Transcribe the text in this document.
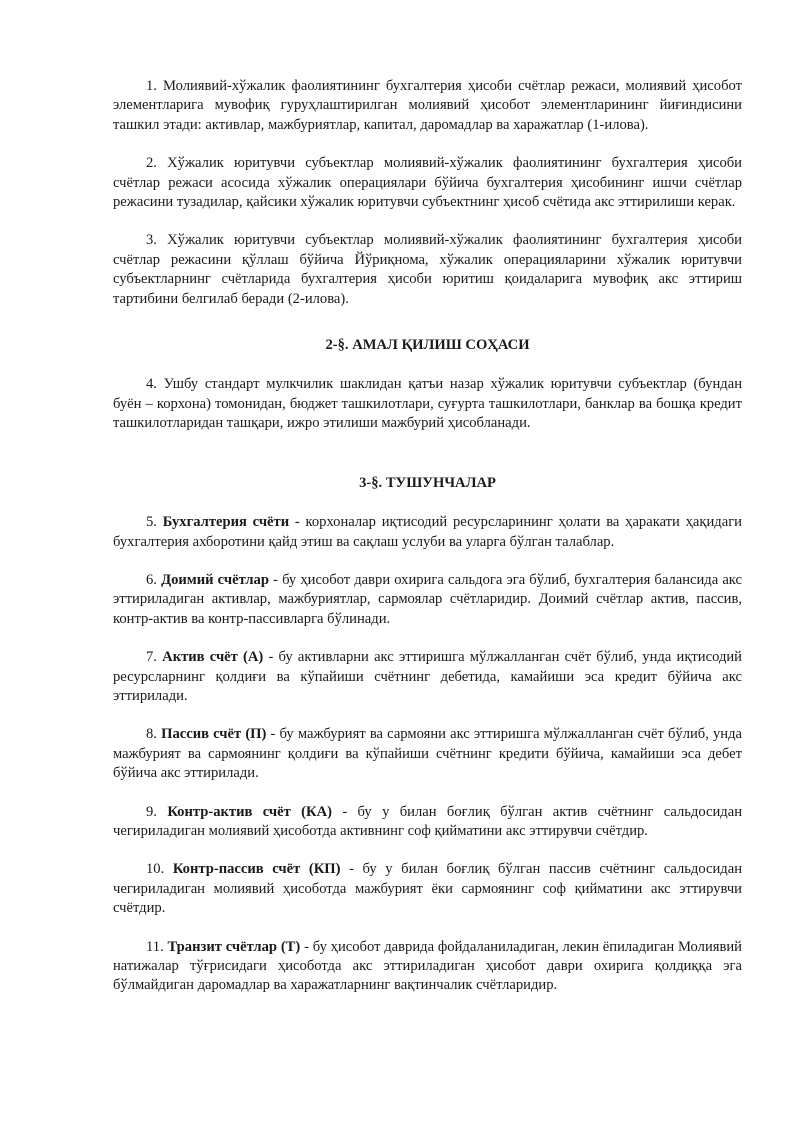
1. Молиявий-хўжалик фаолиятининг бухгалтерия ҳисоби счётлар режаси, молиявий ҳисобот элементларига мувофиқ гуруҳлаштирилган молиявий ҳисобот элементларининг йиғиндисини ташкил этади: активлар, мажбуриятлар, капитал, даромадлар ва харажатлар (1-илова).

2. Хўжалик юритувчи субъектлар молиявий-хўжалик фаолиятининг бухгалтерия ҳисоби счётлар режаси асосида хўжалик операциялари бўйича бухгалтерия ҳисобининг ишчи счётлар режасини тузадилар, қайсики хўжалик юритувчи субъектнинг ҳисоб счётида акс эттирилиши керак.

3. Хўжалик юритувчи субъектлар молиявий-хўжалик фаолиятининг бухгалтерия ҳисоби счётлар режасини қўллаш бўйича Йўриқнома, хўжалик операцияларини хўжалик юритувчи субъектларнинг счётларида бухгалтерия ҳисоби юритиш қоидаларига мувофиқ акс эттириш тартибини белгилаб беради (2-илова).

2-§. АМАЛ ҚИЛИШ СОҲАСИ

4. Ушбу стандарт мулкчилик шаклидан қатъи назар хўжалик юритувчи субъектлар (бундан буён – корхона) томонидан, бюджет ташкилотлари, суғурта ташкилотлари, банклар ва бошқа кредит ташкилотларидан ташқари, ижро этилиши мажбурий ҳисобланади.

3-§. ТУШУНЧАЛАР

5. Бухгалтерия счёти - корхоналар иқтисодий ресурсларининг ҳолати ва ҳаракати ҳақидаги бухгалтерия ахборотини қайд этиш ва сақлаш услуби ва уларга бўлган талаблар.

6. Доимий счётлар - бу ҳисобот даври охирига сальдога эга бўлиб, бухгалтерия балансида акс эттириладиган активлар, мажбуриятлар, сармоялар счётларидир. Доимий счётлар актив, пассив, контр-актив ва контр-пассивларга бўлинади.

7. Актив счёт (А) - бу активларни акс эттиришга мўлжалланган счёт бўлиб, унда иқтисодий ресурсларнинг қолдиғи ва кўпайиши счётнинг дебетида, камайиши эса кредит бўйича акс эттирилади.

8. Пассив счёт (П) - бу мажбурият ва сармояни акс эттиришга мўлжалланган счёт бўлиб, унда мажбурият ва сармоянинг қолдиғи ва кўпайиши счётнинг кредити бўйича, камайиши эса дебет бўйича акс эттирилади.

9. Контр-актив счёт (КА) - бу у билан боғлиқ бўлган актив счётнинг сальдосидан чегириладиган молиявий ҳисоботда активнинг соф қийматини акс эттирувчи счётдир.

10. Контр-пассив счёт (КП) - бу у билан боғлиқ бўлган пассив счётнинг сальдосидан чегириладиган молиявий ҳисоботда мажбурият ёки сармоянинг соф қийматини акс эттирувчи счётдир.

11. Транзит счётлар (Т) - бу ҳисобот даврида фойдаланиладиган, лекин ёпиладиган Молиявий натижалар тўғрисидаги ҳисоботда акс эттириладиган ҳисобот даври охирига қолдиққа эга бўлмайдиган даромадлар ва харажатларнинг вақтинчалик счётларидир.
